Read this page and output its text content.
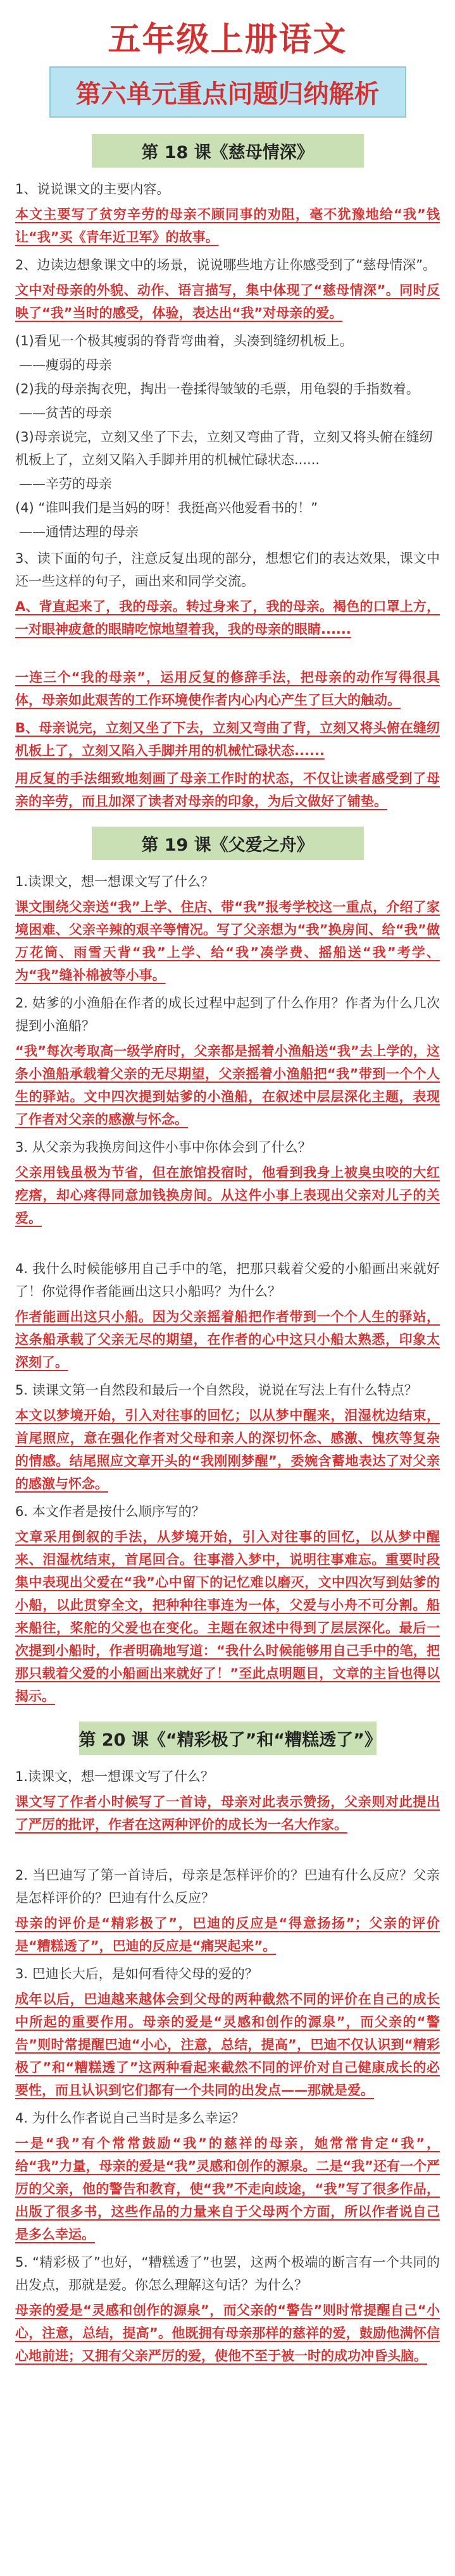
五年级上册语文
第六单元重点问题归纳解析
第 18 课《慈母情深》

1、说说课文的主要内容。

本文主要写了贫穷辛劳的母亲不顾同事的劝阻，毫不犹豫地给“我”钱让“我”买《青年近卫军》的故事。

2、边读边想象课文中的场景，说说哪些地方让你感受到了“慈母情深”。

文中对母亲的外貌、动作、语言描写，集中体现了“慈母情深”。同时反映了“我”当时的感受，体验，表达出“我”对母亲的爱。

(1)看见一个极其瘦弱的脊背弯曲着，头凑到缝纫机板上。

——瘦弱的母亲

(2)我的母亲掏衣兜，掏出一卷揉得皱皱的毛票，用龟裂的手指数着。

——贫苦的母亲

(3)母亲说完，立刻又坐了下去，立刻又弯曲了背，立刻又将头俯在缝纫机板上了，立刻又陷入手脚并用的机械忙碌状态......

——辛劳的母亲

(4) “谁叫我们是当妈的呀！我挺高兴他爱看书的！”

——通情达理的母亲

3、读下面的句子，注意反复出现的部分，想想它们的表达效果，课文中还一些这样的句子，画出来和同学交流。

A、背直起来了，我的母亲。转过身来了，我的母亲。褐色的口罩上方，一对眼神疲惫的眼睛吃惊地望着我，我的母亲的眼睛......

一连三个“我的母亲”，运用反复的修辞手法，把母亲的动作写得很具体，母亲如此艰苦的工作环境使作者内心内心产生了巨大的触动。

B、母亲说完，立刻又坐了下去，立刻又弯曲了背，立刻又将头俯在缝纫机板上了，立刻又陷入手脚并用的机械忙碌状态......

用反复的手法细致地刻画了母亲工作时的状态，不仅让读者感受到了母亲的辛劳，而且加深了读者对母亲的印象，为后文做好了铺垫。

第 19 课《父爱之舟》

1.读课文，想一想课文写了什么？

课文围绕父亲送“我”上学、住店、带“我”报考学校这一重点，介绍了家境困难、父亲辛辣的艰辛等情况。写了父亲想为“我”换房间、给“我”做万花筒、雨雪天背“我”上学、给“我”凑学费、摇船送“我”考学、为“我”缝补棉被等小事。

2. 姑爹的小渔船在作者的成长过程中起到了什么作用？作者为什么几次提到小渔船？

“我”每次考取高一级学府时，父亲都是摇着小渔船送“我”去上学的，这条小渔船承载着父亲的无尽期望，父亲摇着小渔船把“我”带到一个个人生的驿站。文中四次提到姑爹的小渔船，在叙述中层层深化主题，表现了作者对父亲的感激与怀念。

3. 从父亲为我换房间这件小事中你体会到了什么？

父亲用钱虽极为节省，但在旅馆投宿时，他看到我身上被臭虫咬的大红疙瘩，却心疼得同意加钱换房间。从这件小事上表现出父亲对儿子的关爱。

4. 我什么时候能够用自己手中的笔，把那只载着父爱的小船画出来就好了！你觉得作者能画出这只小船吗？为什么？

作者能画出这只小船。因为父亲摇着船把作者带到一个个人生的驿站，这条船承载了父亲无尽的期望，在作者的心中这只小船太熟悉，印象太深刻了。

5. 读课文第一自然段和最后一个自然段，说说在写法上有什么特点？

本文以梦境开始，引入对往事的回忆；以从梦中醒来，泪湿枕边结束，首尾照应，意在强化作者对父母和亲人的深切怀念、感激、愧疚等复杂的情感。结尾照应文章开头的“我刚刚梦醒”，委婉含蓄地表达了对父亲的感激与怀念。

6. 本文作者是按什么顺序写的？

文章采用倒叙的手法，从梦境开始，引入对往事的回忆，以从梦中醒来、泪湿枕结束，首尾回合。往事潜入梦中，说明往事难忘。重要时段集中表现出父爱在“我”心中留下的记忆难以磨灭，文中四次写到姑爹的小船，以此贯穿全文，把种种往事连为一体，父爱与小舟不可分割。船来船往，桨舵的父爱也在变化。主题在叙述中得到了层层深化。最后一次提到小船时，作者明确地写道：“我什么时候能够用自己手中的笔，把那只载着父爱的小船画出来就好了！”至此点明题目，文章的主旨也得以揭示。

第 20 课《“精彩极了”和“糟糕透了”》

1.读课文，想一想课文写了什么？

课文写了作者小时候写了一首诗，母亲对此表示赞扬，父亲则对此提出了严厉的批评，作者在这两种评价的成长为一名大作家。

2. 当巴迪写了第一首诗后，母亲是怎样评价的？巴迪有什么反应？父亲是怎样评价的？巴迪有什么反应？

母亲的评价是“精彩极了”，巴迪的反应是“得意扬扬”；父亲的评价是“糟糕透了”，巴迪的反应是“痛哭起来”。

3. 巴迪长大后，是如何看待父母的爱的？

成年以后，巴迪越来越体会到父母的两种截然不同的评价在自己的成长中所起的重要作用。母亲的爱是“灵感和创作的源泉”，而父亲的“警告”则时常提醒巴迪“小心，注意，总结，提高”，巴迪不仅认识到“精彩极了”和“糟糕透了”这两种看起来截然不同的评价对自己健康成长的必要性，而且认识到它们都有一个共同的出发点——那就是爱。

4. 为什么作者说自己当时是多么幸运？

一是“我”有个常常鼓励“我”的慈祥的母亲，她常常肯定“我”，给“我”力量，母亲的爱是“我”灵感和创作的源泉。二是“我”还有一个严厉的父亲，他的警告和教育，使“我”不走向歧途，“我”写了很多作品，出版了很多书，这些作品的力量来自于父母两个方面，所以作者说自己是多么幸运。

5. “精彩极了”也好，“糟糕透了”也罢，这两个极端的断言有一个共同的出发点，那就是爱。你怎么理解这句话？为什么？

母亲的爱是“灵感和创作的源泉”，而父亲的“警告”则时常提醒自己“小心，注意，总结，提高”。他既拥有母亲那样的慈祥的爱，鼓励他满怀信心地前进；又拥有父亲严厉的爱，使他不至于被一时的成功冲昏头脑。
